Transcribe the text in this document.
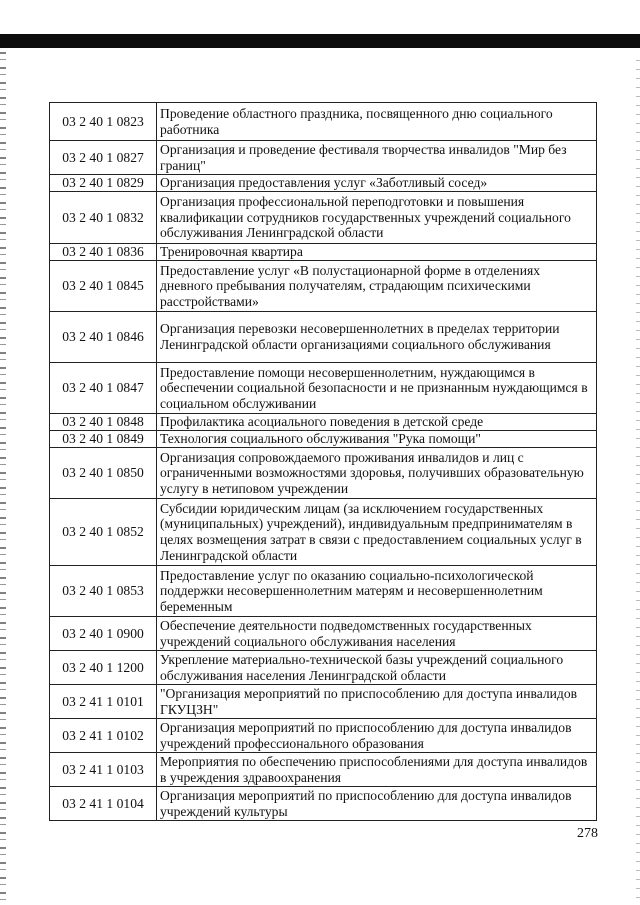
03 2 40 1 0823	Проведение областного праздника, посвященного дню социального работника
03 2 40 1 0827	Организация и проведение фестиваля творчества инвалидов "Мир без границ"
03 2 40 1 0829	Организация предоставления услуг «Заботливый сосед»
03 2 40 1 0832	Организация профессиональной переподготовки и повышения квалификации сотрудников государственных учреждений социального обслуживания Ленинградской области
03 2 40 1 0836	Тренировочная квартира
03 2 40 1 0845	Предоставление услуг «В полустационарной форме в отделениях дневного пребывания получателям, страдающим психическими расстройствами»
03 2 40 1 0846	Организация перевозки несовершеннолетних в пределах территории Ленинградской области организациями социального обслуживания
03 2 40 1 0847	Предоставление помощи несовершеннолетним, нуждающимся в обеспечении социальной безопасности и не признанным нуждающимся в социальном обслуживании
03 2 40 1 0848	Профилактика асоциального поведения в детской среде
03 2 40 1 0849	Технология социального обслуживания "Рука помощи"
03 2 40 1 0850	Организация сопровождаемого проживания инвалидов и лиц с ограниченными возможностями здоровья, получивших образовательную услугу в нетиповом учреждении
03 2 40 1 0852	Субсидии юридическим лицам (за исключением государственных (муниципальных) учреждений), индивидуальным предпринимателям в целях возмещения затрат в связи с предоставлением социальных услуг в Ленинградской области
03 2 40 1 0853	Предоставление услуг по оказанию социально-психологической поддержки несовершеннолетним матерям и несовершеннолетним беременным
03 2 40 1 0900	Обеспечение деятельности подведомственных государственных учреждений социального обслуживания населения
03 2 40 1 1200	Укрепление материально-технической базы учреждений социального обслуживания населения Ленинградской области
03 2 41 1 0101	"Организация мероприятий по приспособлению для доступа инвалидов ГКУЦЗН"
03 2 41 1 0102	Организация мероприятий по приспособлению для доступа инвалидов учреждений профессионального образования
03 2 41 1 0103	Мероприятия по обеспечению приспособлениями для доступа инвалидов в учреждения здравоохранения
03 2 41 1 0104	Организация мероприятий по приспособлению для доступа инвалидов учреждений культуры
278
